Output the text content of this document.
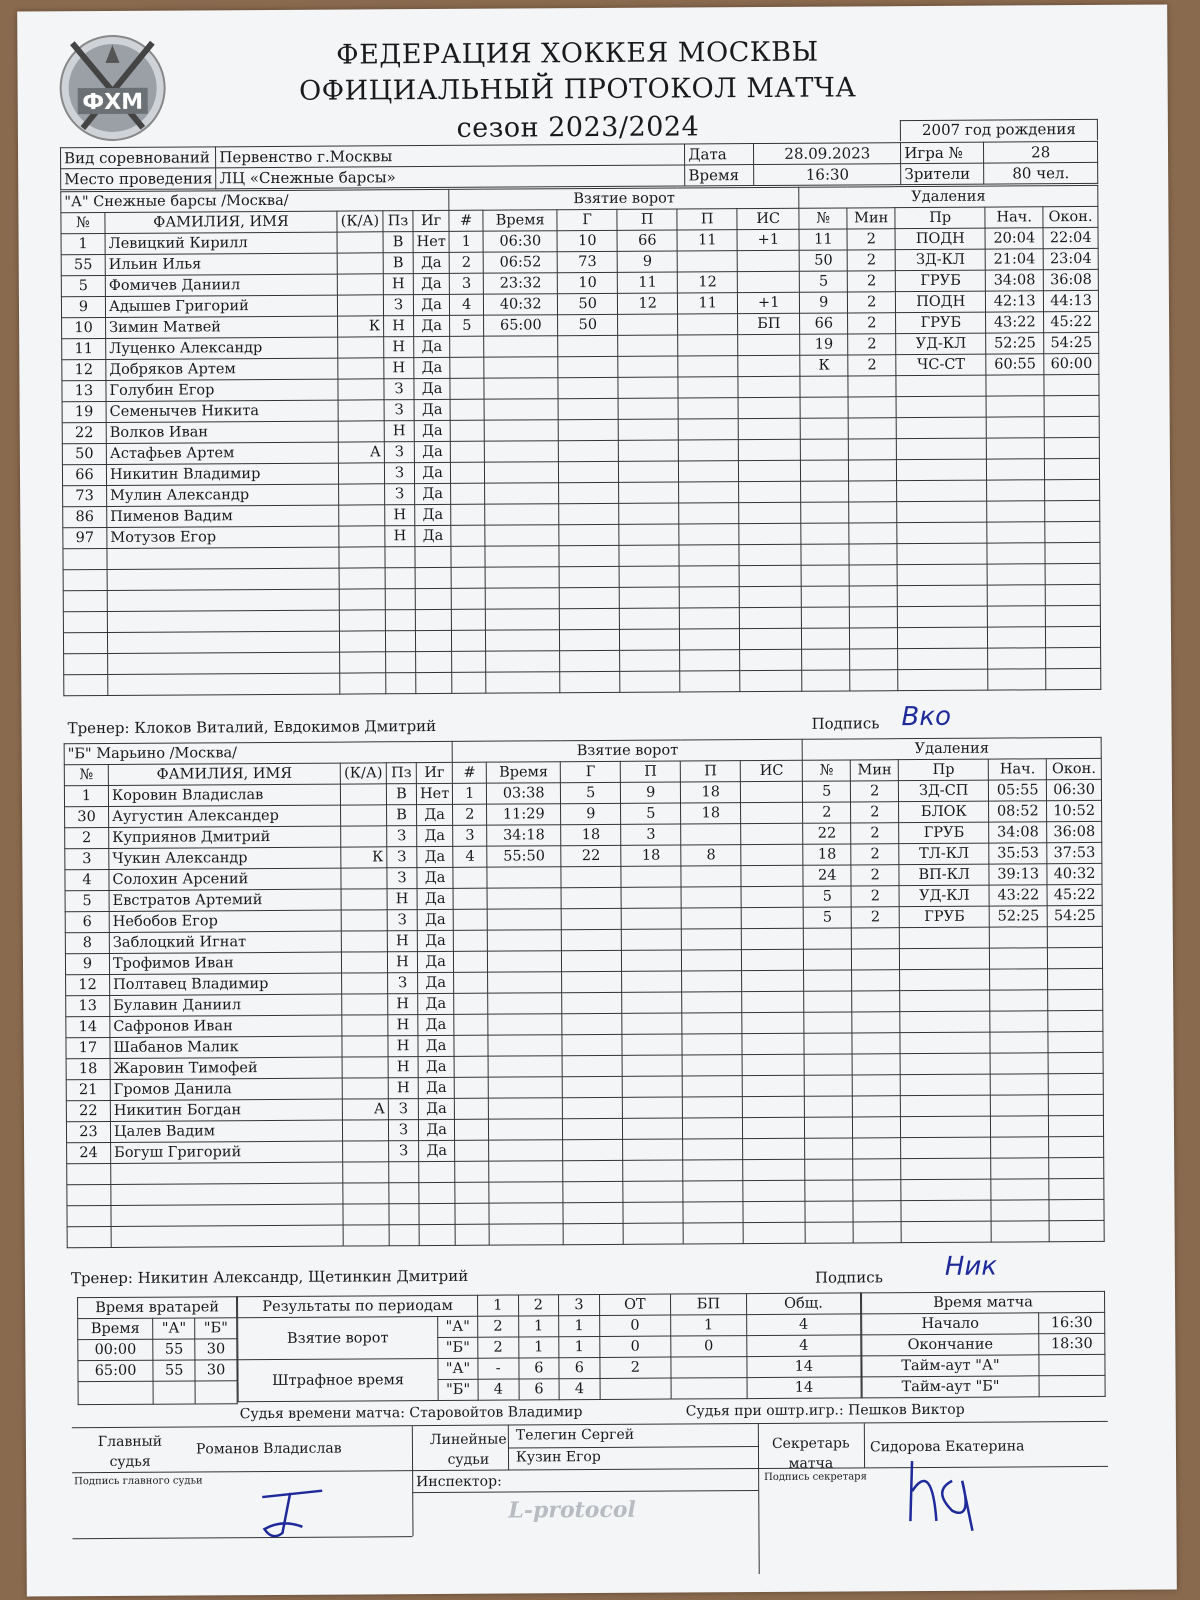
ФХМ
ФЕДЕРАЦИЯ ХОККЕЯ МОСКВЫ
ОФИЦИАЛЬНЫЙ ПРОТОКОЛ МАТЧА
сезон 2023/2024	2007 год рождения
Вид соревнований	Первенство г.Москвы	Дата	28.09.2023	Игра №	28
Место проведения	ЛЦ «Снежные барсы»	Время	16:30	Зрители	80 чел.
"А" Снежные барсы /Москва/					Взятие ворот						Удаления				
№	ФАМИЛИЯ, ИМЯ	(К/А)	Пз	Иг	#	Время	Г	П	П	ИС	№	Мин	Пр	Нач.	Окон.
1	Левицкий Кирилл		В	Нет	1	06:30	10	66	11	+1	11	2	ПОДН	20:04	22:04
55	Ильин Илья		В	Да	2	06:52	73	9			50	2	ЗД-КЛ	21:04	23:04
5	Фомичев Даниил		Н	Да	3	23:32	10	11	12		5	2	ГРУБ	34:08	36:08
9	Адышев Григорий		З	Да	4	40:32	50	12	11	+1	9	2	ПОДН	42:13	44:13
10	Зимин Матвей	К	Н	Да	5	65:00	50			БП	66	2	ГРУБ	43:22	45:22
11	Луценко Александр		Н	Да							19	2	УД-КЛ	52:25	54:25
12	Добряков Артем		Н	Да							К	2	ЧС-СТ	60:55	60:00
13	Голубин Егор		З	Да											
19	Семенычев Никита		З	Да											
22	Волков Иван		Н	Да											
50	Астафьев Артем	А	З	Да											
66	Никитин Владимир		З	Да											
73	Мулин Александр		З	Да											
86	Пименов Вадим		Н	Да											
97	Мотузов Егор		Н	Да											

Тренер: Клоков Виталий, Евдокимов Дмитрий	Подпись Вко
"Б" Марьино /Москва/					Взятие ворот						Удаления				
№	ФАМИЛИЯ, ИМЯ	(К/А)	Пз	Иг	#	Время	Г	П	П	ИС	№	Мин	Пр	Нач.	Окон.
1	Коровин Владислав		В	Нет	1	03:38	5	9	18		5	2	ЗД-СП	05:55	06:30
30	Аугустин Александер		В	Да	2	11:29	9	5	18		2	2	БЛОК	08:52	10:52
2	Куприянов Дмитрий		З	Да	3	34:18	18	3			22	2	ГРУБ	34:08	36:08
3	Чукин Александр	К	З	Да	4	55:50	22	18	8		18	2	ТЛ-КЛ	35:53	37:53
4	Солохин Арсений		З	Да							24	2	ВП-КЛ	39:13	40:32
5	Евстратов Артемий		Н	Да							5	2	УД-КЛ	43:22	45:22
6	Небобов Егор		З	Да							5	2	ГРУБ	52:25	54:25
8	Заблоцкий Игнат		Н	Да											
9	Трофимов Иван		Н	Да											
12	Полтавец Владимир		З	Да											
13	Булавин Даниил		Н	Да											
14	Сафронов Иван		Н	Да											
17	Шабанов Малик		Н	Да											
18	Жаровин Тимофей		Н	Да											
21	Громов Данила		Н	Да											
22	Никитин Богдан	А	З	Да											
23	Цалев Вадим		З	Да											
24	Богуш Григорий		З	Да											

Тренер: Никитин Александр, Щетинкин Дмитрий	Подпись Ник
Время вратарей		
Время	"А"	"Б"
00:00	55	30
65:00	55	30

Результаты по периодам		1	2	3	ОТ	БП	Общ.
Взятие ворот	"А"	2	1	1	0	1	4
	"Б"	2	1	1	0	0	4
Штрафное время	"А"	-	6	6	2		14
	"Б"	4	6	4			14
Время матча	
Начало	16:30
Окончание	18:30
Тайм-аут "А"	
Тайм-аут "Б"	
Судья времени матча: Старовойтов Владимир	Судья при оштр.игр.: Пешков Виктор
Главный
судья
Романов Владислав
Подпись главного судьи
Линейные
судьи
Телегин Сергей
Кузин Егор
Инспектор:
Секретарь
матча
Сидорова Екатерина
Подпись секретаря
L-protocol
